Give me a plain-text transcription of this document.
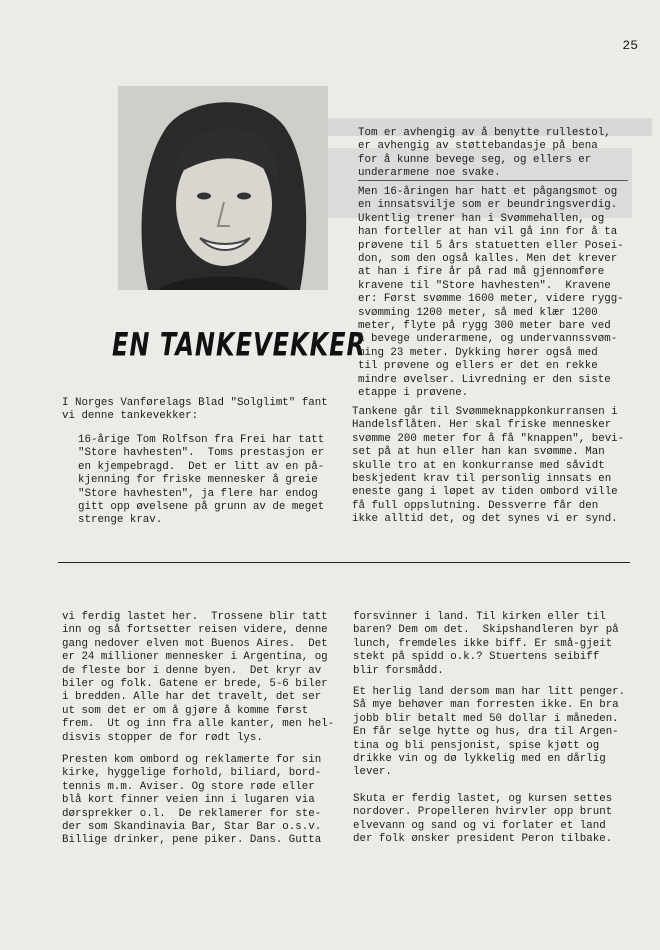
25
EN TANKEVEKKER
I Norges Vanførelags Blad "Solglimt" fant
vi denne tankevekker:
16-årige Tom Rolfson fra Frei har tatt
"Store havhesten".  Toms prestasjon er
en kjempebragd.  Det er litt av en på-
kjenning for friske mennesker å greie
"Store havhesten", ja flere har endog
gitt opp øvelsene på grunn av de meget
strenge krav.
Tom er avhengig av å benytte rullestol,
er avhengig av støttebandasje på bena
for å kunne bevege seg, og ellers er
underarmene noe svake.
Men 16-åringen har hatt et pågangsmot og
en innsatsvilje som er beundringsverdig.
Ukentlig trener han i Svømmehallen, og
han forteller at han vil gå inn for å ta
prøvene til 5 års statuetten eller Posei-
don, som den også kalles. Men det krever
at han i fire år på rad må gjennomføre
kravene til "Store havhesten".  Kravene
er: Først svømme 1600 meter, videre rygg-
svømming 1200 meter, så med klær 1200
meter, flyte på rygg 300 meter bare ved
å bevege underarmene, og undervannssvøm-
ming 23 meter. Dykking hører også med
til prøvene og ellers er det en rekke
mindre øvelser. Livredning er den siste
etappe i prøvene.
Tankene går til Svømmeknappkonkurransen i
Handelsflåten. Her skal friske mennesker
svømme 200 meter for å få "knappen", bevi-
set på at hun eller han kan svømme. Man
skulle tro at en konkurranse med såvidt
beskjedent krav til personlig innsats en
eneste gang i løpet av tiden ombord ville
få full oppslutning. Dessverre får den
ikke alltid det, og det synes vi er synd.
vi ferdig lastet her.  Trossene blir tatt
inn og så fortsetter reisen videre, denne
gang nedover elven mot Buenos Aires.  Det
er 24 millioner mennesker i Argentina, og
de fleste bor i denne byen.  Det kryr av
biler og folk. Gatene er brede, 5-6 biler
i bredden. Alle har det travelt, det ser
ut som det er om å gjøre å komme først
frem.  Ut og inn fra alle kanter, men hel-
disvis stopper de for rødt lys.
Presten kom ombord og reklamerte for sin
kirke, hyggelige forhold, biliard, bord-
tennis m.m. Aviser. Og store røde eller
blå kort finner veien inn i lugaren via
dørsprekker o.l.  De reklamerer for ste-
der som Skandinavia Bar, Star Bar o.s.v.
Billige drinker, pene piker. Dans. Gutta
forsvinner i land. Til kirken eller til
baren? Dem om det.  Skipshandleren byr på
lunch, fremdeles ikke biff. Er små-gjeit
stekt på spidd o.k.? Stuertens seibiff
blir forsmådd.
Et herlig land dersom man har litt penger.
Så mye behøver man forresten ikke. En bra
jobb blir betalt med 50 dollar i måneden.
En får selge hytte og hus, dra til Argen-
tina og bli pensjonist, spise kjøtt og
drikke vin og dø lykkelig med en dårlig
lever.
Skuta er ferdig lastet, og kursen settes
nordover. Propelleren hvirvler opp brunt
elvevann og sand og vi forlater et land
der folk ønsker president Peron tilbake.
